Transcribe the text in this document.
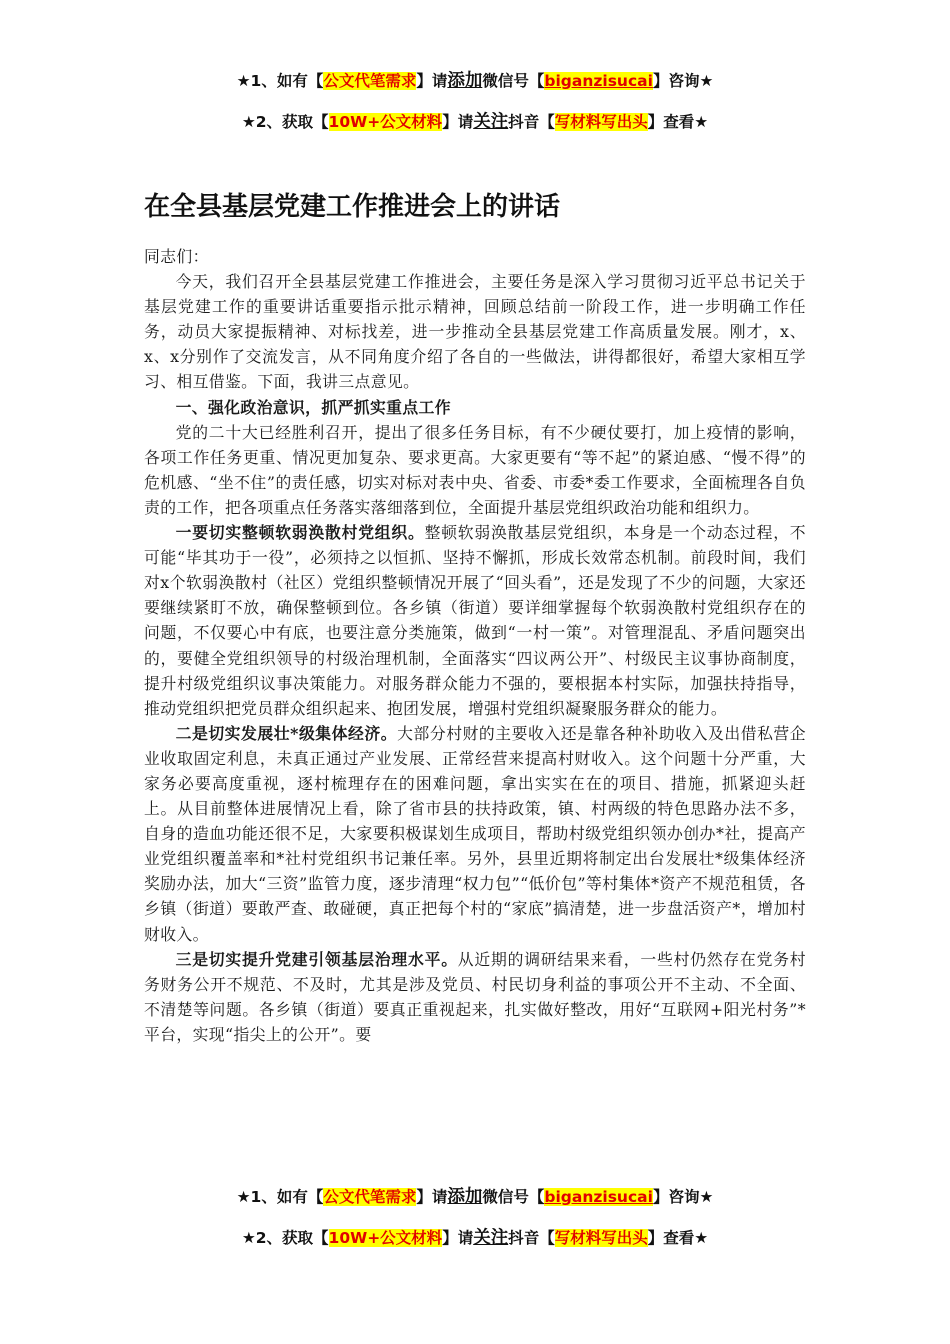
★1、如有【公文代笔需求】请添加微信号【biganzisucai】咨询★
★2、获取【10W+公文材料】请关注抖音【写材料写出头】查看★
在全县基层党建工作推进会上的讲话

同志们：

今天，我们召开全县基层党建工作推进会，主要任务是深入学习贯彻习近平总书记关于基层党建工作的重要讲话重要指示批示精神，回顾总结前一阶段工作，进一步明确工作任务，动员大家提振精神、对标找差，进一步推动全县基层党建工作高质量发展。刚才，x、x、x分别作了交流发言，从不同角度介绍了各自的一些做法，讲得都很好，希望大家相互学习、相互借鉴。下面，我讲三点意见。

一、强化政治意识，抓严抓实重点工作

党的二十大已经胜利召开，提出了很多任务目标，有不少硬仗要打，加上疫情的影响，各项工作任务更重、情况更加复杂、要求更高。大家更要有“等不起”的紧迫感、“慢不得”的危机感、“坐不住”的责任感，切实对标对表中央、省委、市委*委工作要求，全面梳理各自负责的工作，把各项重点任务落实落细落到位，全面提升基层党组织政治功能和组织力。

一要切实整顿软弱涣散村党组织。整顿软弱涣散基层党组织，本身是一个动态过程，不可能“毕其功于一役”，必须持之以恒抓、坚持不懈抓，形成长效常态机制。前段时间，我们对x个软弱涣散村（社区）党组织整顿情况开展了“回头看”，还是发现了不少的问题，大家还要继续紧盯不放，确保整顿到位。各乡镇（街道）要详细掌握每个软弱涣散村党组织存在的问题，不仅要心中有底，也要注意分类施策，做到“一村一策”。对管理混乱、矛盾问题突出的，要健全党组织领导的村级治理机制，全面落实“四议两公开”、村级民主议事协商制度，提升村级党组织议事决策能力。对服务群众能力不强的，要根据本村实际，加强扶持指导，推动党组织把党员群众组织起来、抱团发展，增强村党组织凝聚服务群众的能力。

二是切实发展壮*级集体经济。大部分村财的主要收入还是靠各种补助收入及出借私营企业收取固定利息，未真正通过产业发展、正常经营来提高村财收入。这个问题十分严重，大家务必要高度重视，逐村梳理存在的困难问题，拿出实实在在的项目、措施，抓紧迎头赶上。从目前整体进展情况上看，除了省市县的扶持政策，镇、村两级的特色思路办法不多，自身的造血功能还很不足，大家要积极谋划生成项目，帮助村级党组织领办创办*社，提高产业党组织覆盖率和*社村党组织书记兼任率。另外，县里近期将制定出台发展壮*级集体经济奖励办法，加大“三资”监管力度，逐步清理“权力包”“低价包”等村集体*资产不规范租赁，各乡镇（街道）要敢严查、敢碰硬，真正把每个村的“家底”搞清楚，进一步盘活资产*，增加村财收入。

三是切实提升党建引领基层治理水平。从近期的调研结果来看，一些村仍然存在党务村务财务公开不规范、不及时，尤其是涉及党员、村民切身利益的事项公开不主动、不全面、不清楚等问题。各乡镇（街道）要真正重视起来，扎实做好整改，用好“互联网+阳光村务”*平台，实现“指尖上的公开”。要

★1、如有【公文代笔需求】请添加微信号【biganzisucai】咨询★
★2、获取【10W+公文材料】请关注抖音【写材料写出头】查看★
